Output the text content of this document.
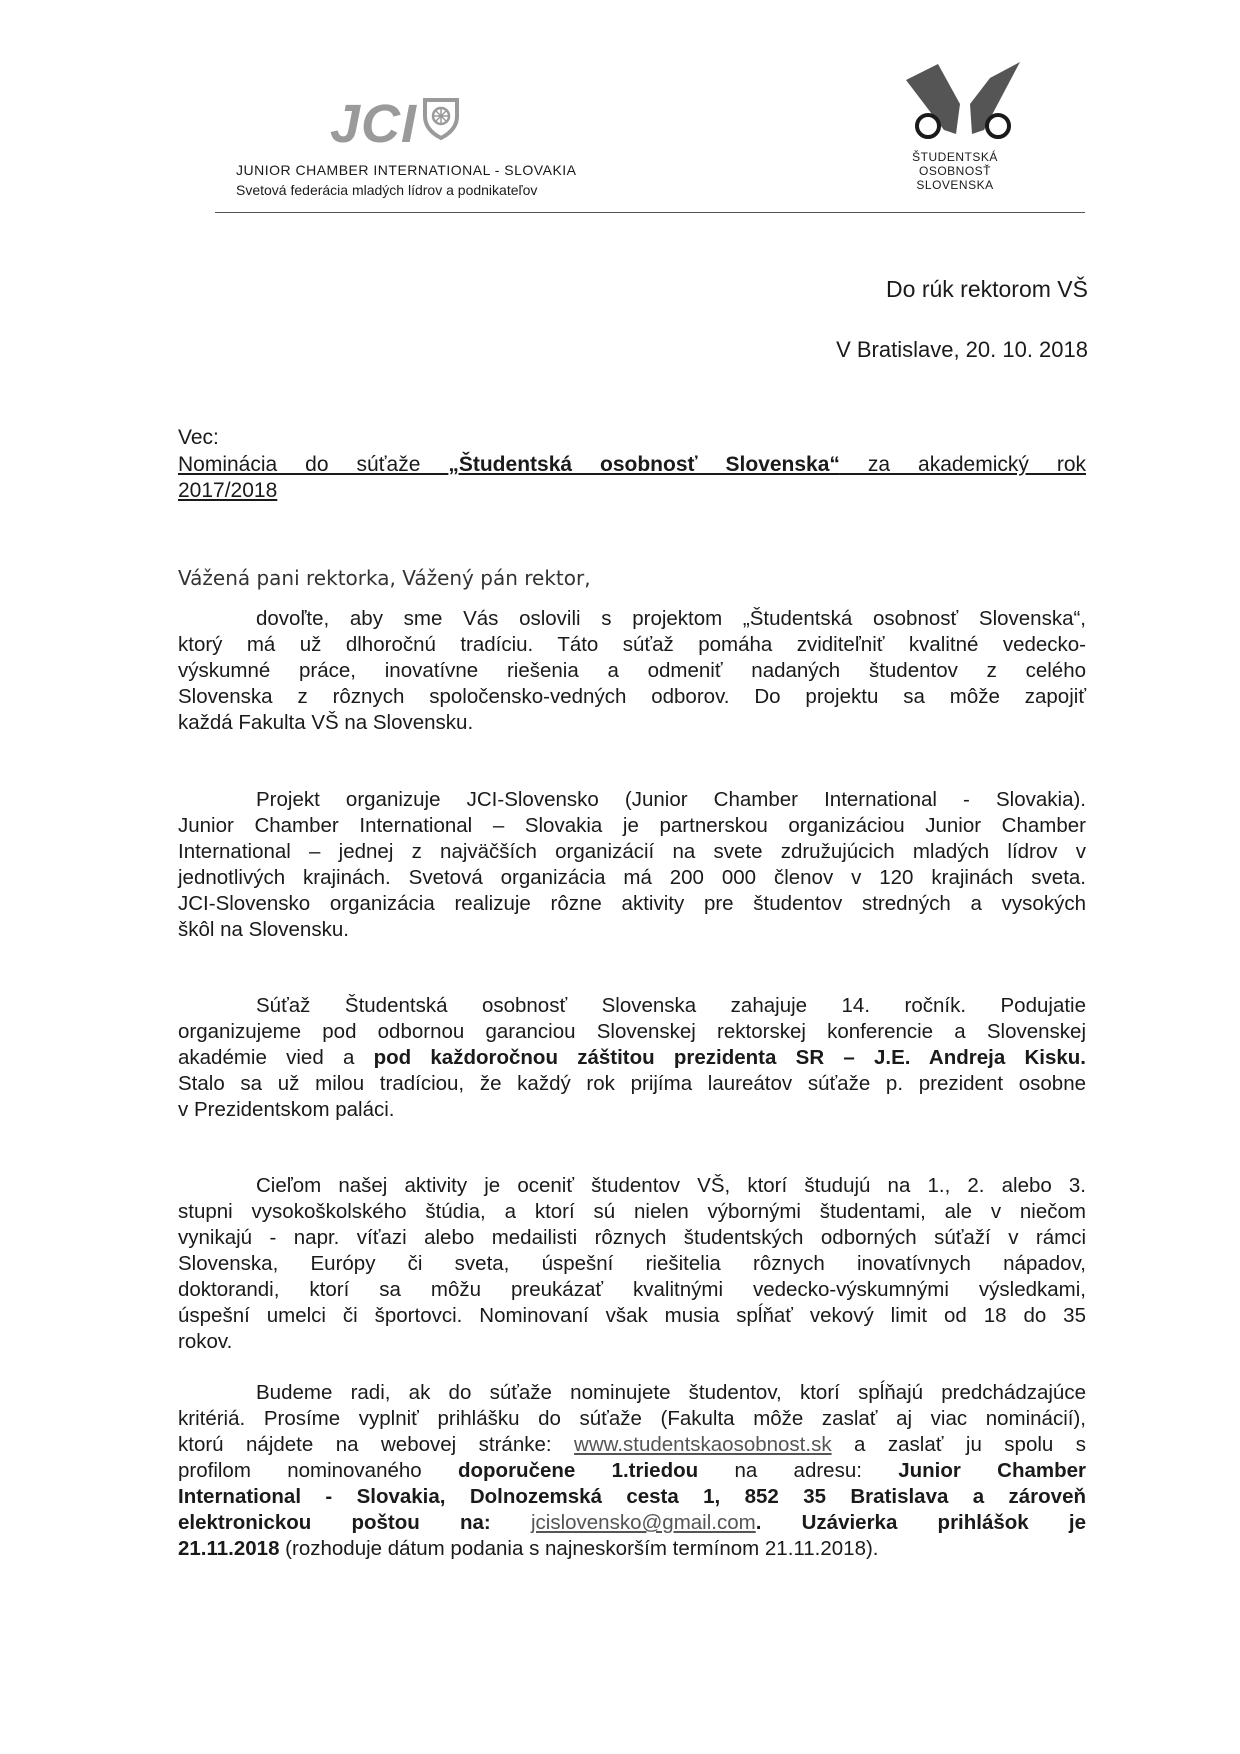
JCI
JUNIOR CHAMBER INTERNATIONAL - SLOVAKIA
Svetová federácia mladých lídrov a podnikateľov
ŠTUDENTSKÁ
OSOBNOSŤ
SLOVENSKA
Do rúk rektorom VŠ
V Bratislave, 20. 10. 2018
Vec:
Nominácia do súťaže „Študentská osobnosť Slovenska“ za akademický rok
2017/2018
Vážená pani rektorka, Vážený pán rektor,
dovoľte, aby sme Vás oslovili s projektom „Študentská osobnosť Slovenska“,
ktorý má už dlhoročnú tradíciu. Táto súťaž pomáha zviditeľniť kvalitné vedecko-
výskumné práce, inovatívne riešenia a odmeniť nadaných študentov z celého
Slovenska z rôznych spoločensko-vedných odborov. Do projektu sa môže zapojiť
každá Fakulta VŠ na Slovensku.
Projekt organizuje JCI-Slovensko (Junior Chamber International - Slovakia).
Junior Chamber International – Slovakia je partnerskou organizáciou Junior Chamber
International – jednej z najväčších organizácií na svete združujúcich mladých lídrov v
jednotlivých krajinách. Svetová organizácia má 200 000 členov v 120 krajinách sveta.
JCI-Slovensko organizácia realizuje rôzne aktivity pre študentov stredných a vysokých
škôl na Slovensku.
Súťaž Študentská osobnosť Slovenska zahajuje 14. ročník. Podujatie
organizujeme pod odbornou garanciou Slovenskej rektorskej konferencie a Slovenskej
akadémie vied a pod každoročnou záštitou prezidenta SR – J.E. Andreja Kisku.
Stalo sa už milou tradíciou, že každý rok prijíma laureátov súťaže p. prezident osobne
v Prezidentskom paláci.
Cieľom našej aktivity je oceniť študentov VŠ, ktorí študujú na 1., 2. alebo 3.
stupni vysokoškolského štúdia, a ktorí sú nielen výbornými študentami, ale v niečom
vynikajú - napr. víťazi alebo medailisti rôznych študentských odborných súťaží v rámci
Slovenska, Európy či sveta, úspešní riešitelia rôznych inovatívnych nápadov,
doktorandi, ktorí sa môžu preukázať kvalitnými vedecko-výskumnými výsledkami,
úspešní umelci či športovci. Nominovaní však musia spĺňať vekový limit od 18 do 35
rokov.
Budeme radi, ak do súťaže nominujete študentov, ktorí spĺňajú predchádzajúce
kritériá. Prosíme vyplniť prihlášku do súťaže (Fakulta môže zaslať aj viac nominácií),
ktorú nájdete na webovej stránke: www.studentskaosobnost.sk a zaslať ju spolu s
profilom nominovaného doporučene 1.triedou na adresu: Junior Chamber
International - Slovakia, Dolnozemská cesta 1, 852 35 Bratislava a zároveň
elektronickou poštou na: jcislovensko@gmail.com. Uzávierka prihlášok je
21.11.2018 (rozhoduje dátum podania s najneskorším termínom 21.11.2018).
